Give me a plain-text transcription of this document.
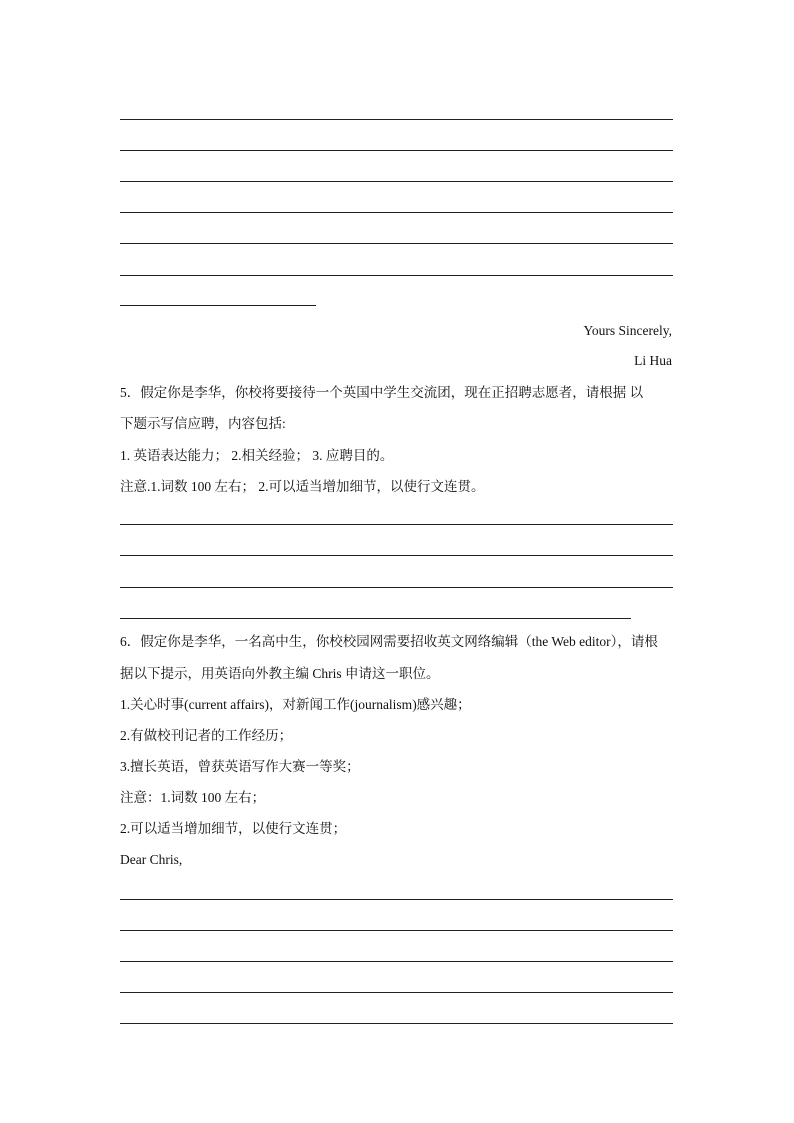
Yours Sincerely,
Li Hua
5．假定你是李华，你校将要接待一个英国中学生交流团，现在正招聘志愿者，请根据 以
下题示写信应聘，内容包括:
1. 英语表达能力； 2.相关经验； 3. 应聘目的。
注意.1.词数 100 左右； 2.可以适当增加细节，以使行文连贯。
6．假定你是李华，一名高中生，你校校园网需要招收英文网络编辑（the Web editor），请根
据以下提示，用英语向外教主编 Chris 申请这一职位。
1.关心时事(current affairs)，对新闻工作(journalism)感兴趣；
2.有做校刊记者的工作经历；
3.擅长英语，曾获英语写作大赛一等奖；
注意：1.词数 100 左右；
2.可以适当增加细节，以使行文连贯；
Dear Chris,
